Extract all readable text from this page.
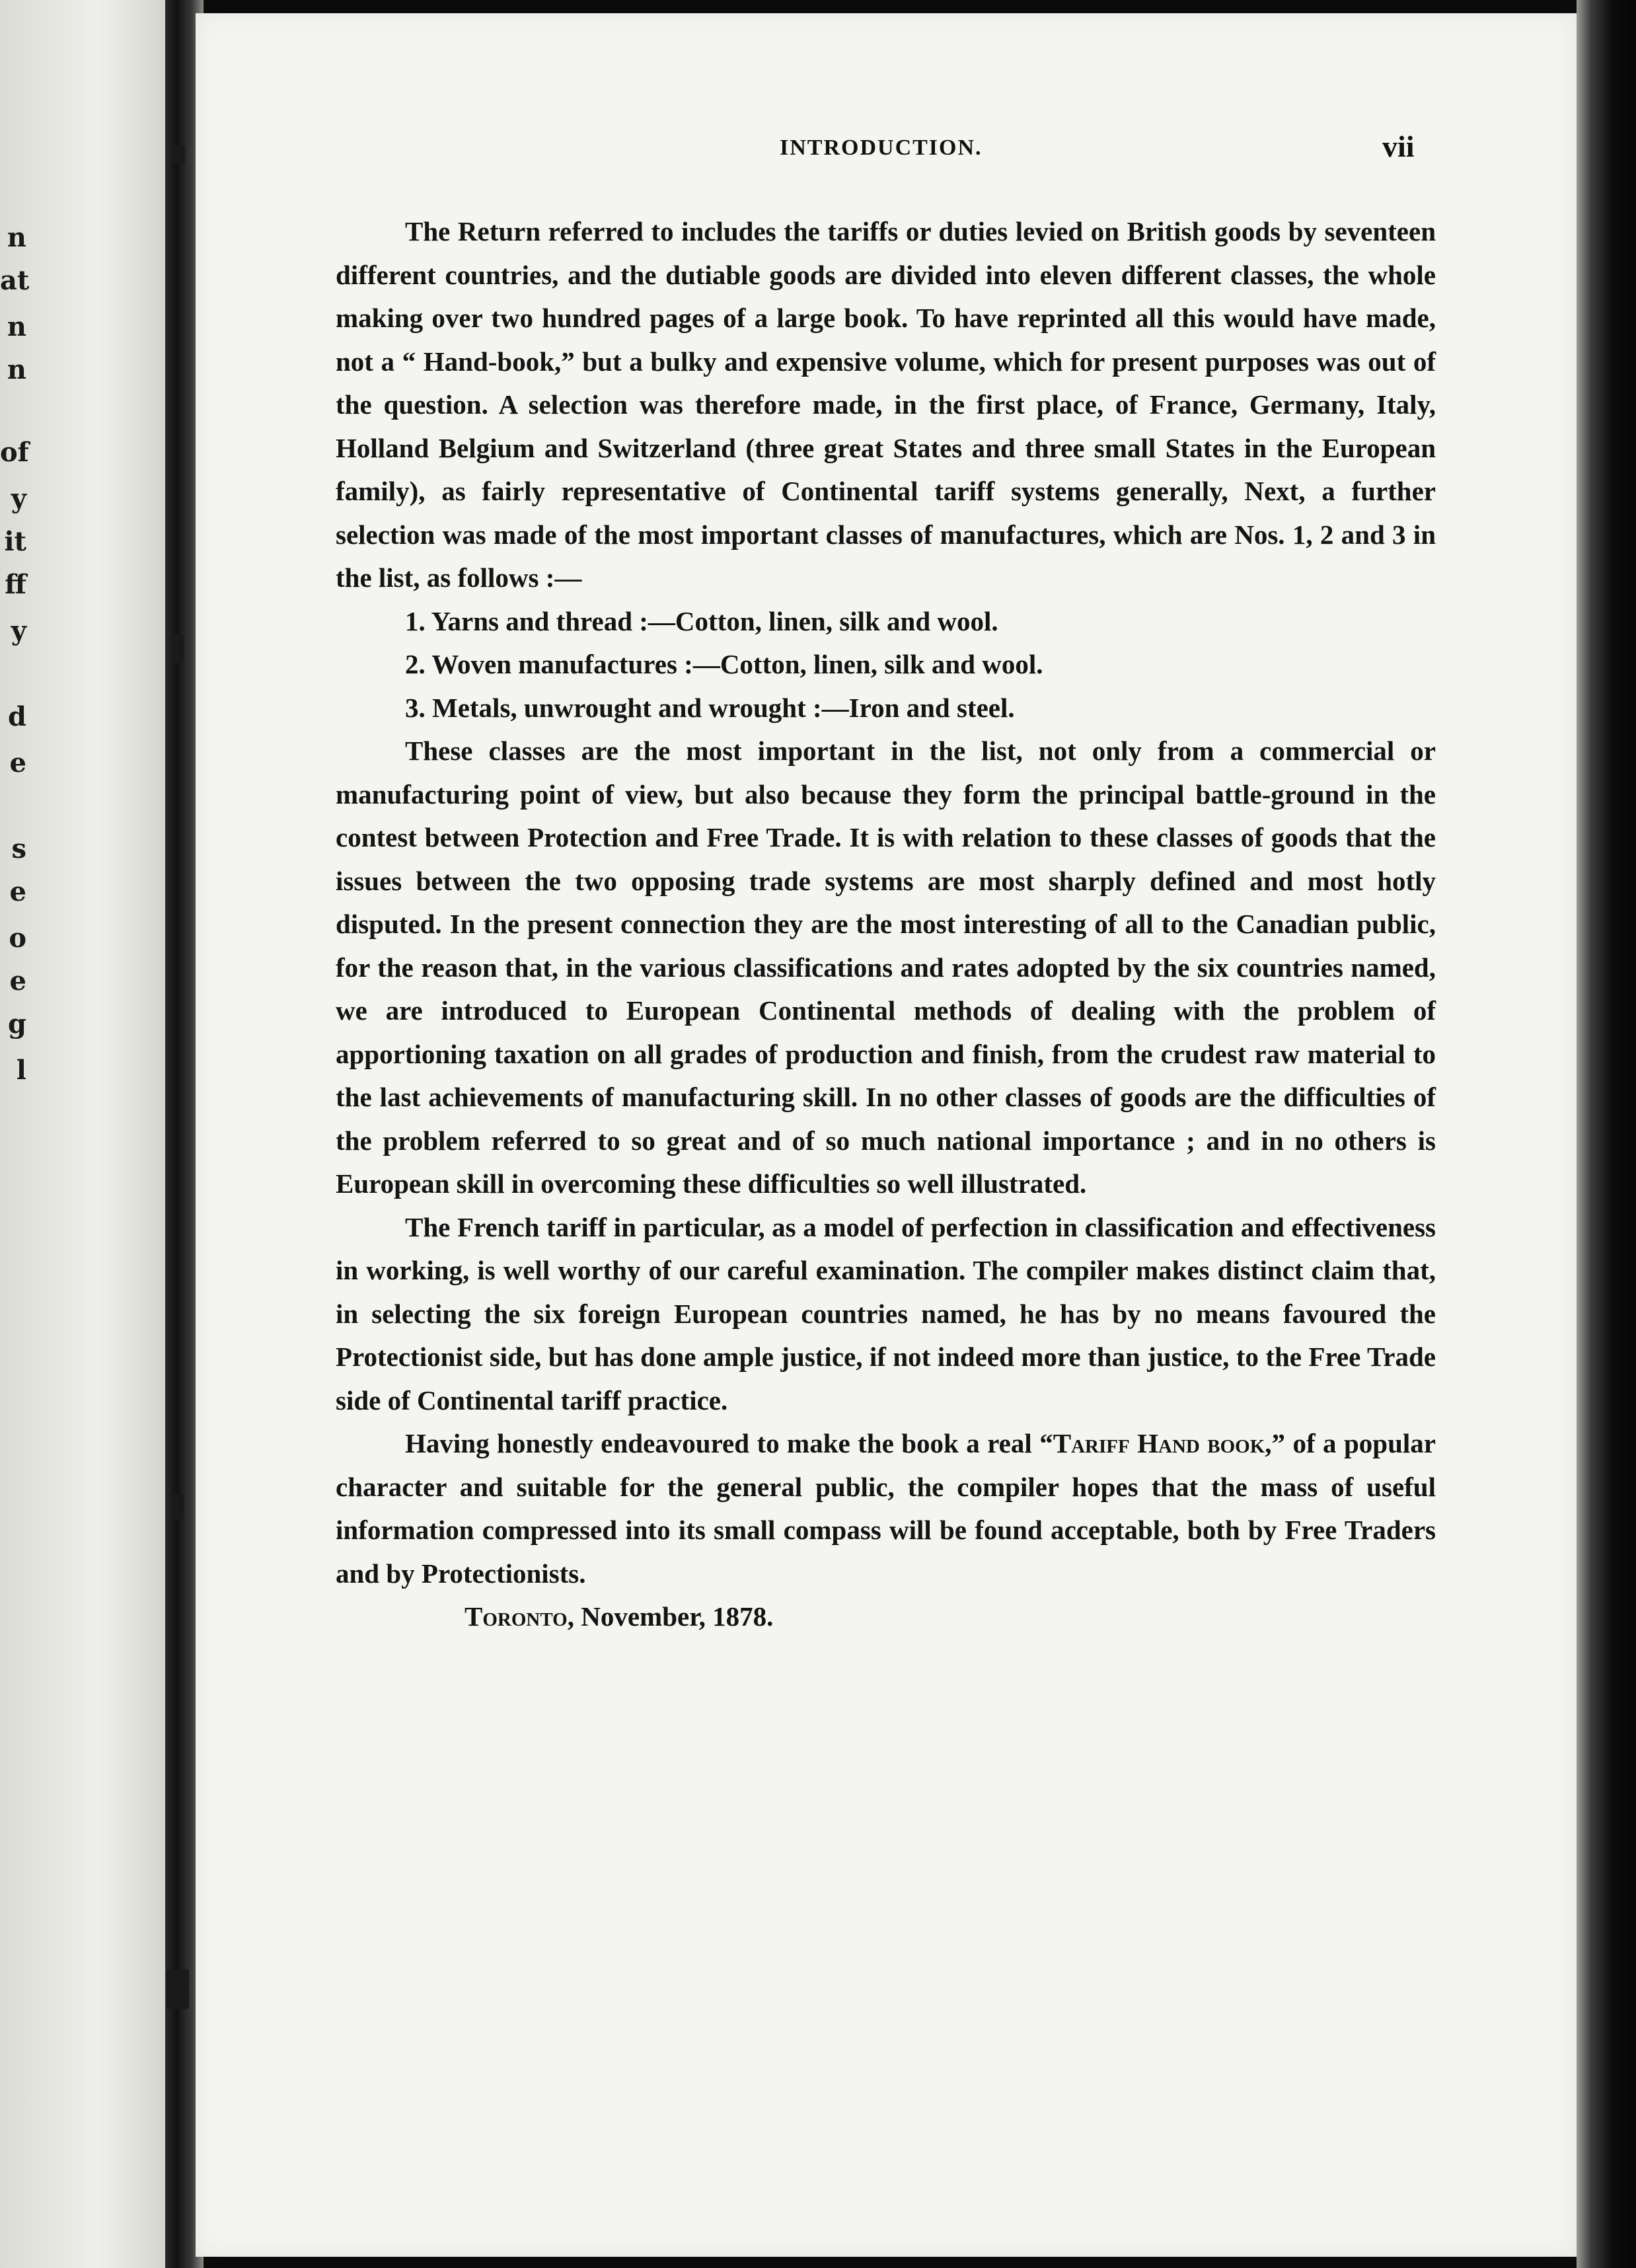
n
at
n
n
of
y
it
ff
y
d
e
s
e
o
e
g
l

INTRODUCTION.	vii

The Return referred to includes the tariffs or duties levied on British goods by seventeen different countries, and the dutiable goods are divided into eleven different classes, the whole making over two hundred pages of a large book. To have reprinted all this would have made, not a “ Hand-book,” but a bulky and expensive volume, which for present purposes was out of the question. A selection was therefore made, in the first place, of France, Germany, Italy, Holland Belgium and Switzerland (three great States and three small States in the European family), as fairly representative of Continental tariff systems generally, Next, a further selection was made of the most important classes of manufactures, which are Nos. 1, 2 and 3 in the list, as follows :—

1. Yarns and thread :—Cotton, linen, silk and wool.
2. Woven manufactures :—Cotton, linen, silk and wool.
3. Metals, unwrought and wrought :—Iron and steel.

These classes are the most important in the list, not only from a commercial or manufacturing point of view, but also because they form the principal battle-ground in the contest between Protection and Free Trade. It is with relation to these classes of goods that the issues between the two opposing trade systems are most sharply defined and most hotly disputed. In the present connection they are the most interesting of all to the Canadian public, for the reason that, in the various classifications and rates adopted by the six countries named, we are introduced to European Continental methods of dealing with the problem of apportioning taxation on all grades of production and finish, from the crudest raw material to the last achievements of manufacturing skill. In no other classes of goods are the difficulties of the problem referred to so great and of so much national importance ; and in no others is European skill in overcoming these difficulties so well illustrated.

The French tariff in particular, as a model of perfection in classification and effectiveness in working, is well worthy of our careful examination. The compiler makes distinct claim that, in selecting the six foreign European countries named, he has by no means favoured the Protectionist side, but has done ample justice, if not indeed more than justice, to the Free Trade side of Continental tariff practice.

Having honestly endeavoured to make the book a real “Tariff Hand book,” of a popular character and suitable for the general public, the compiler hopes that the mass of useful information compressed into its small compass will be found acceptable, both by Free Traders and by Protectionists.

Toronto, November, 1878.
